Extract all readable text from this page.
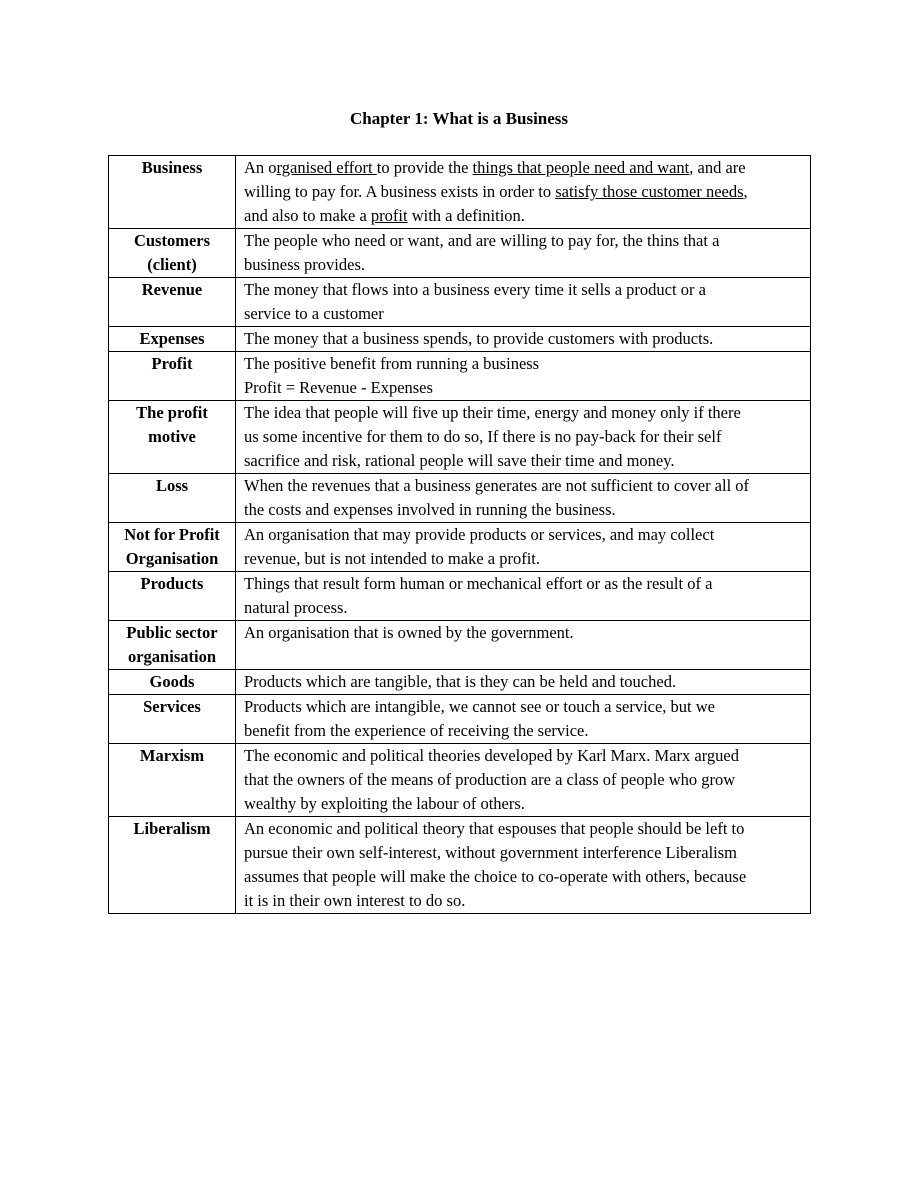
Chapter 1: What is a Business
Business	An organised effort to provide the things that people need and want, and are
willing to pay for. A business exists in order to satisfy those customer needs,
and also to make a profit with a definition.

Customers
(client)	The people who need or want, and are willing to pay for, the thins that a
business provides.

Revenue	The money that flows into a business every time it sells a product or a
service to a customer

Expenses	The money that a business spends, to provide customers with products.

Profit	The positive benefit from running a business
Profit = Revenue - Expenses

The profit
motive	The idea that people will five up their time, energy and money only if there
us some incentive for them to do so, If there is no pay-back for their self
sacrifice and risk, rational people will save their time and money.

Loss	When the revenues that a business generates are not sufficient to cover all of
the costs and expenses involved in running the business.

Not for Profit
Organisation	An organisation that may provide products or services, and may collect
revenue, but is not intended to make a profit.

Products	Things that result form human or mechanical effort or as the result of a
natural process.

Public sector
organisation	An organisation that is owned by the government.

Goods	Products which are tangible, that is they can be held and touched.

Services	Products which are intangible, we cannot see or touch a service, but we
benefit from the experience of receiving the service.

Marxism	The economic and political theories developed by Karl Marx. Marx argued
that the owners of the means of production are a class of people who grow
wealthy by exploiting the labour of others.

Liberalism	An economic and political theory that espouses that people should be left to
pursue their own self-interest, without government interference Liberalism
assumes that people will make the choice to co-operate with others, because
it is in their own interest to do so.
